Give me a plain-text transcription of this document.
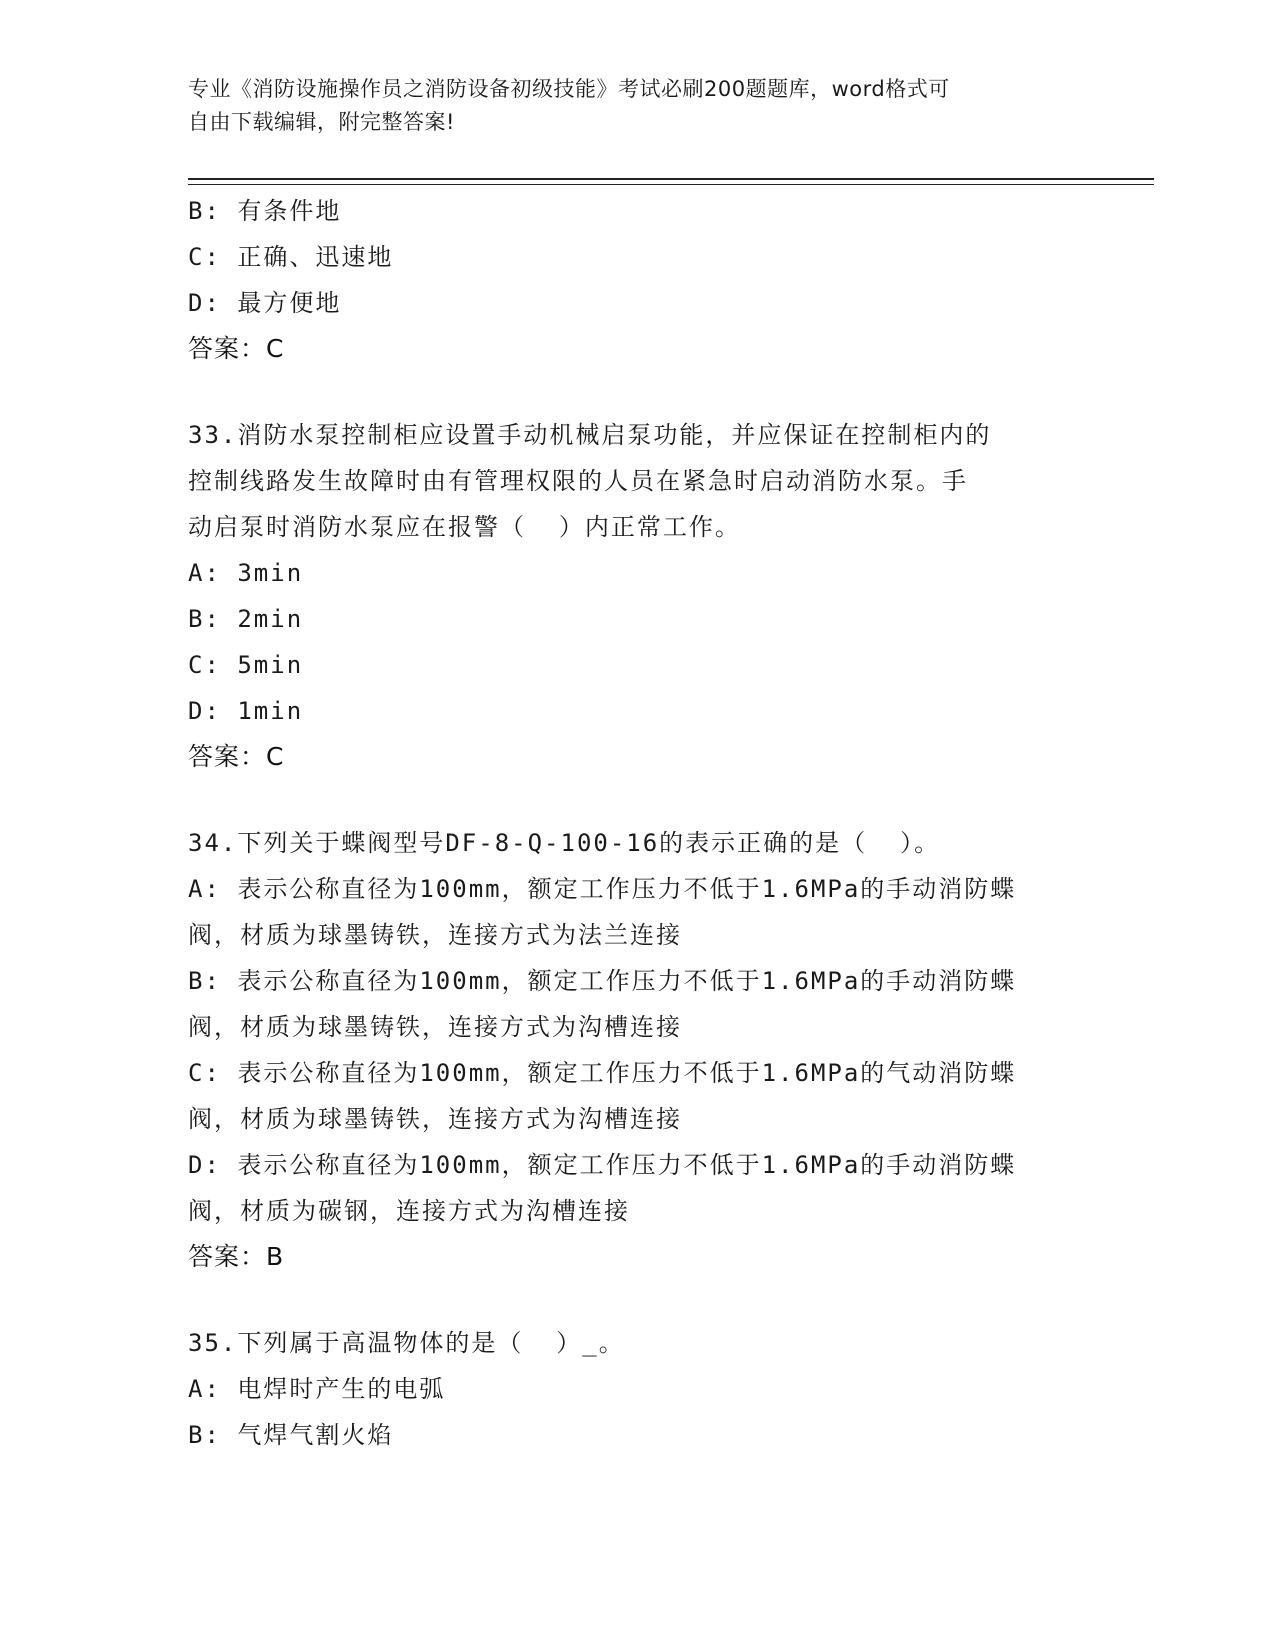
专业《消防设施操作员之消防设备初级技能》考试必刷200题题库，word格式可
自由下载编辑，附完整答案!
B: 有条件地
C: 正确、迅速地
D: 最方便地
答案：C
33.消防水泵控制柜应设置手动机械启泵功能，并应保证在控制柜内的
控制线路发生故障时由有管理权限的人员在紧急时启动消防水泵。手
动启泵时消防水泵应在报警（  ）内正常工作。
A: 3min
B: 2min
C: 5min
D: 1min
答案：C
34.下列关于蝶阀型号DF-8-Q-100-16的表示正确的是（  ）。
A: 表示公称直径为100mm，额定工作压力不低于1.6MPa的手动消防蝶
阀，材质为球墨铸铁，连接方式为法兰连接
B: 表示公称直径为100mm，额定工作压力不低于1.6MPa的手动消防蝶
阀，材质为球墨铸铁，连接方式为沟槽连接
C: 表示公称直径为100mm，额定工作压力不低于1.6MPa的气动消防蝶
阀，材质为球墨铸铁，连接方式为沟槽连接
D: 表示公称直径为100mm，额定工作压力不低于1.6MPa的手动消防蝶
阀，材质为碳钢，连接方式为沟槽连接
答案：B
35.下列属于高温物体的是（  ）_。
A: 电焊时产生的电弧
B: 气焊气割火焰
